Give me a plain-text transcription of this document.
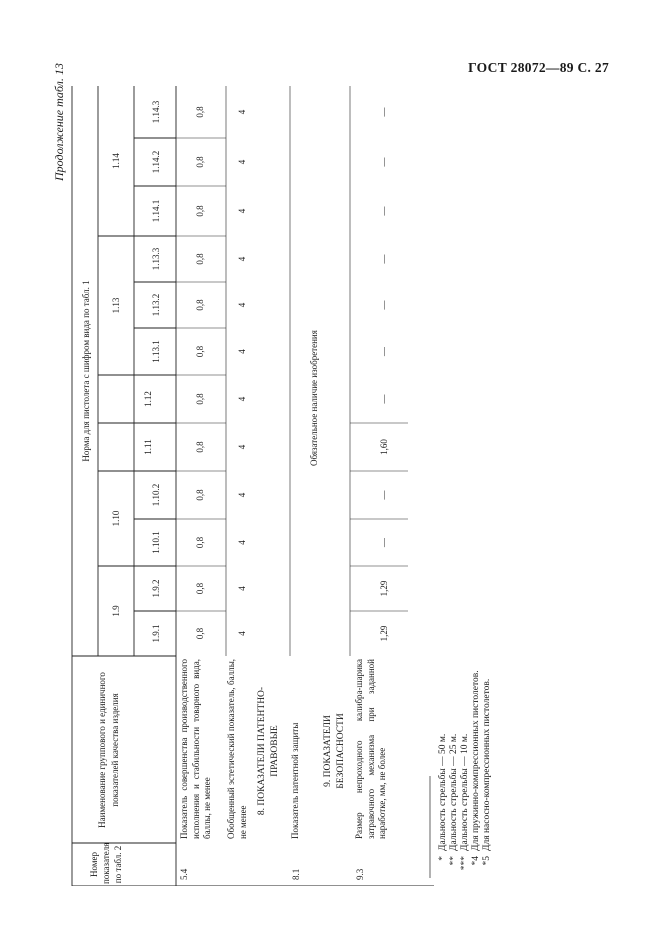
ГОСТ 28072—89 С. 27
Продолжение табл. 13
Номер показателя по табл. 2
Наименование группового и единичного показателей качества изделия
Норма для пистолета с шифром вида по табл. 1
1.9
1.10
1.11
1.12
1.13
1.14
1.9.1
1.9.2
1.10.1
1.10.2
1.13.1
1.13.2
1.13.3
1.14.1
1.14.2
1.14.3
5.4
Показатель совершенства производственного исполнения и стабильности товарного вида, баллы, не менее Обобщенный эстетический показатель, баллы, не менее
0,8
0,8
0,8
0,8
0,8
0,8
0,8
0,8
0,8
0,8
0,8
0,8
4
4
4
4
4
4
4
4
4
4
4
4
8. ПОКАЗАТЕЛИ ПАТЕНТНО-ПРАВОВЫЕ
8.1
Показатель патентной защиты
Обязательное наличие изобретения
9. ПОКАЗАТЕЛИ БЕЗОПАСНОСТИ
9.3
Размер непроходного калибра-шарика затравочного механизма при заданной наработке, мм, не более
1,29
1,29
—
—
1,60
—
—
—
—
—
—
—
*Дальность стрельбы — 50 м.
**Дальность стрельбы — 25 м.
***Дальность стрельбы — 10 м.
*4Для пружинно-компрессионных пистолетов.
*5Для насосно-компрессионных пистолетов.
